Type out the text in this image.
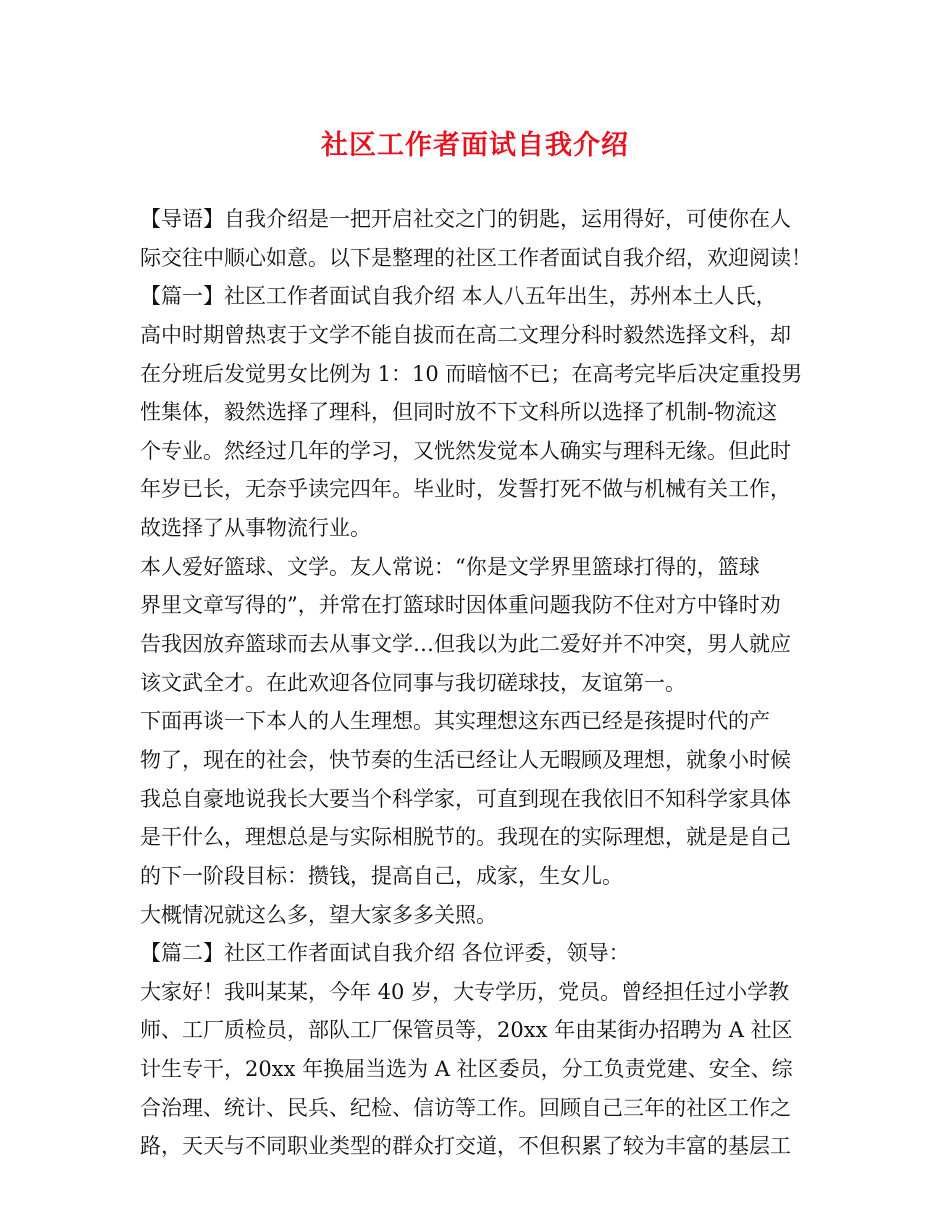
社区工作者面试自我介绍
【导语】自我介绍是一把开启社交之门的钥匙，运用得好，可使你在人
际交往中顺心如意。以下是整理的社区工作者面试自我介绍，欢迎阅读！
【篇一】社区工作者面试自我介绍 本人八五年出生，苏州本土人氏，
高中时期曾热衷于文学不能自拔而在高二文理分科时毅然选择文科，却
在分班后发觉男女比例为 1：10 而暗恼不已；在高考完毕后决定重投男
性集体，毅然选择了理科，但同时放不下文科所以选择了机制-物流这
个专业。然经过几年的学习，又恍然发觉本人确实与理科无缘。但此时
年岁已长，无奈乎读完四年。毕业时，发誓打死不做与机械有关工作，
故选择了从事物流行业。
本人爱好篮球、文学。友人常说：“你是文学界里篮球打得的，篮球
界里文章写得的”，并常在打篮球时因体重问题我防不住对方中锋时劝
告我因放弃篮球而去从事文学…但我以为此二爱好并不冲突，男人就应
该文武全才。在此欢迎各位同事与我切磋球技，友谊第一。
下面再谈一下本人的人生理想。其实理想这东西已经是孩提时代的产
物了，现在的社会，快节奏的生活已经让人无暇顾及理想，就象小时候
我总自豪地说我长大要当个科学家，可直到现在我依旧不知科学家具体
是干什么，理想总是与实际相脱节的。我现在的实际理想，就是是自己
的下一阶段目标：攒钱，提高自己，成家，生女儿。
大概情况就这么多，望大家多多关照。
【篇二】社区工作者面试自我介绍 各位评委，领导：
大家好！我叫某某，今年 40 岁，大专学历，党员。曾经担任过小学教
师、工厂质检员，部队工厂保管员等，20xx 年由某街办招聘为 A 社区
计生专干，20xx 年换届当选为 A 社区委员，分工负责党建、安全、综
合治理、统计、民兵、纪检、信访等工作。回顾自己三年的社区工作之
路，天天与不同职业类型的群众打交道，不但积累了较为丰富的基层工
